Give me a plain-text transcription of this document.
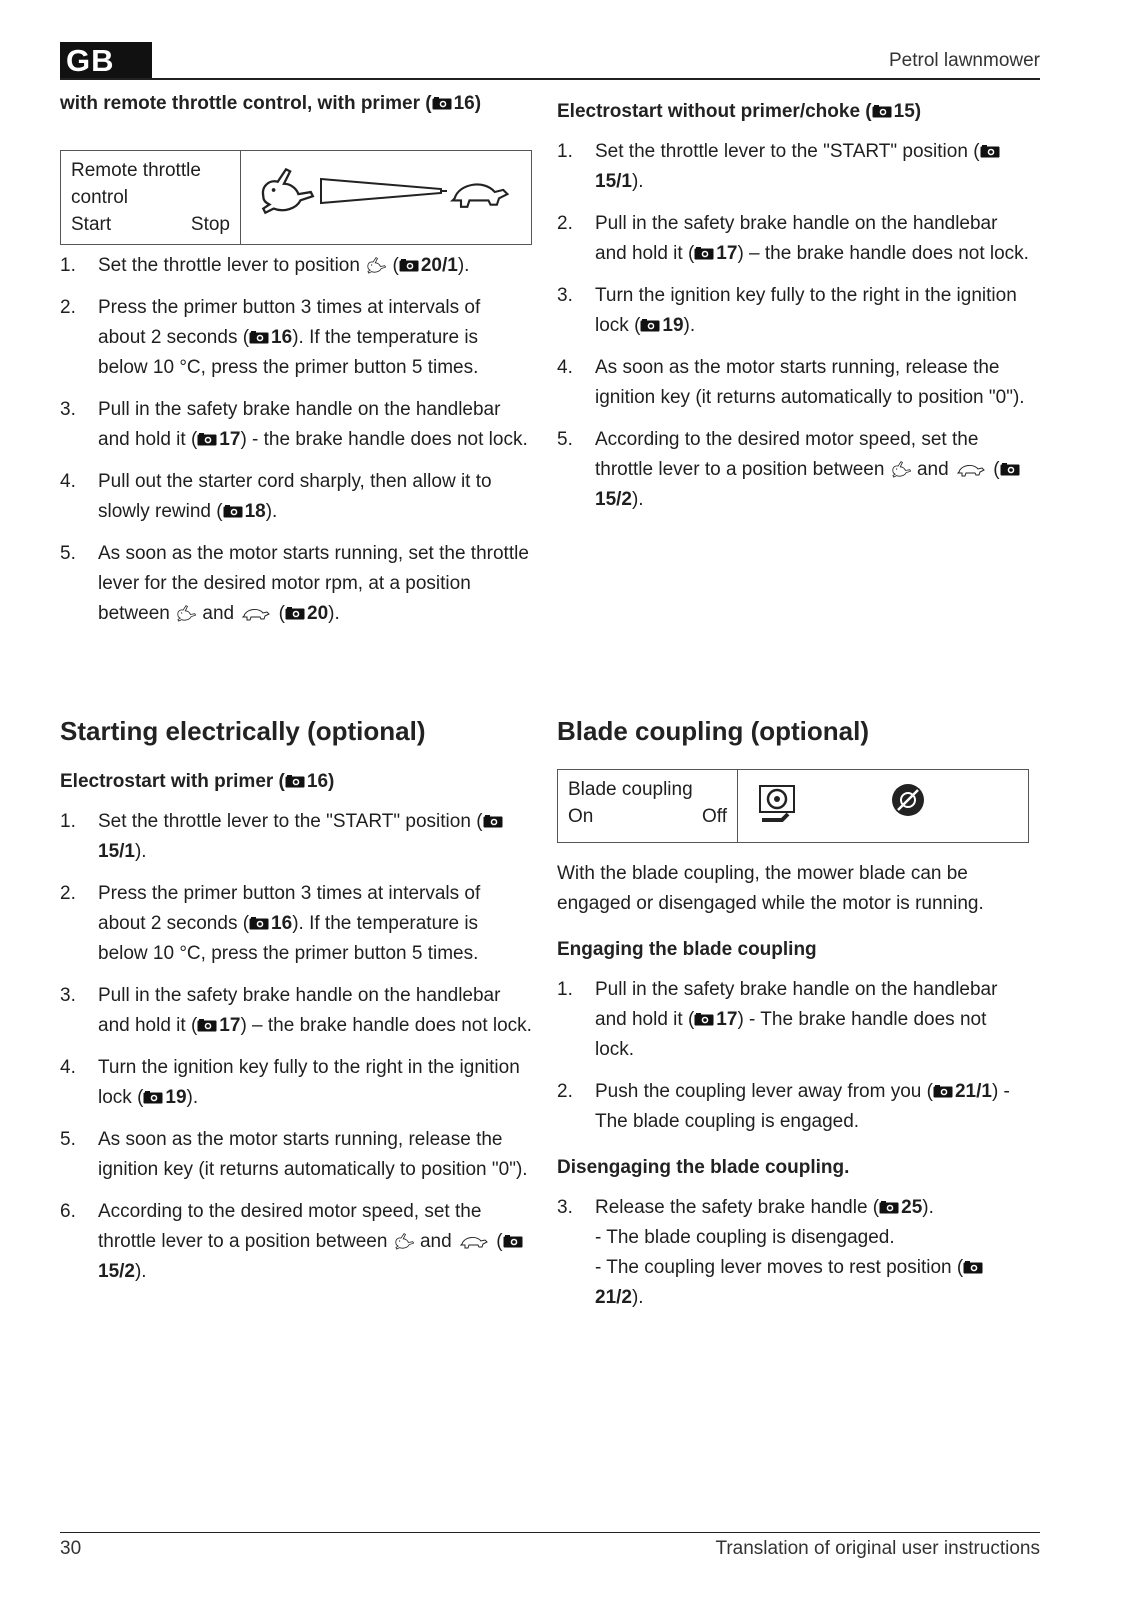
GB	Petrol lawnmower
with remote throttle control, with primer ( 16)
Remote throttle
control
Start	Stop

1. Set the throttle lever to position  ( 20/1).
2. Press the primer button 3 times at intervals of about 2 seconds ( 16). If the temperature is below 10 °C, press the primer button 5 times.
3. Pull in the safety brake handle on the handlebar and hold it ( 17) - the brake handle does not lock.
4. Pull out the starter cord sharply, then allow it to slowly rewind ( 18).
5. As soon as the motor starts running, set the throttle lever for the desired motor rpm, at a position between and  ( 20).
Electrostart without primer/choke ( 15)
1. Set the throttle lever to the "START" position (15/1).
2. Pull in the safety brake handle on the handlebar and hold it ( 17) – the brake handle does not lock.
3. Turn the ignition key fully to the right in the ignition lock ( 19).
4. As soon as the motor starts running, release the ignition key (it returns automatically to position "0").
5. According to the desired motor speed, set the throttle lever to a position between and  (15/2).
Starting electrically (optional)
Electrostart with primer ( 16)
1. Set the throttle lever to the "START" position (15/1).
2. Press the primer button 3 times at intervals of about 2 seconds ( 16). If the temperature is below 10 °C, press the primer button 5 times.
3. Pull in the safety brake handle on the handlebar and hold it ( 17) – the brake handle does not lock.
4. Turn the ignition key fully to the right in the ignition lock ( 19).
5. As soon as the motor starts running, release the ignition key (it returns automatically to position "0").
6. According to the desired motor speed, set the throttle lever to a position between and  (15/2).
Blade coupling (optional)
Blade coupling
On	Off

With the blade coupling, the mower blade can be engaged or disengaged while the motor is running.
Engaging the blade coupling
1. Pull in the safety brake handle on the handlebar and hold it ( 17) - The brake handle does not lock.
2. Push the coupling lever away from you ( 21/1) - The blade coupling is engaged.
Disengaging the blade coupling.
3. Release the safety brake handle ( 25).
- The blade coupling is disengaged.
- The coupling lever moves to rest position (21/2).
30	Translation of original user instructions
